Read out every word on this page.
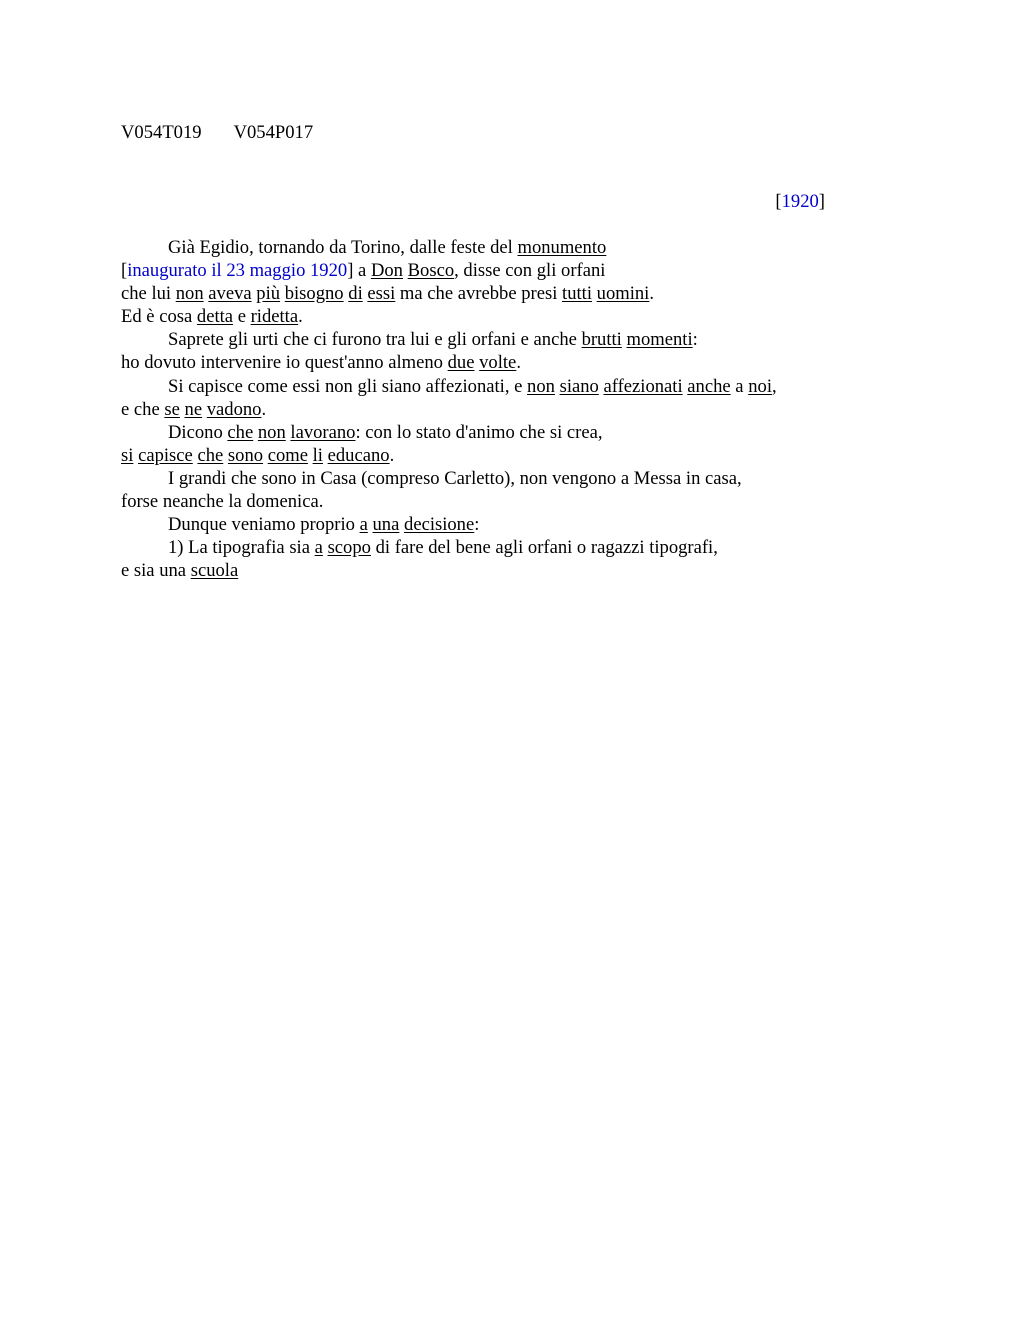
V054T019 V054P017
[1920]
Già Egidio, tornando da Torino, dalle feste del monumento
[inaugurato il 23 maggio 1920] a Don Bosco, disse con gli orfani
che lui non aveva più bisogno di essi ma che avrebbe presi tutti uomini.
Ed è cosa detta e ridetta.
Saprete gli urti che ci furono tra lui e gli orfani e anche brutti momenti:
ho dovuto intervenire io quest'anno almeno due volte.
Si capisce come essi non gli siano affezionati, e non siano affezionati anche a noi,
e che se ne vadono.
Dicono che non lavorano: con lo stato d'animo che si crea,
si capisce che sono come li educano.
I grandi che sono in Casa (compreso Carletto), non vengono a Messa in casa,
forse neanche la domenica.
Dunque veniamo proprio a una decisione:
1) La tipografia sia a scopo di fare del bene agli orfani o ragazzi tipografi,
e sia una scuola
